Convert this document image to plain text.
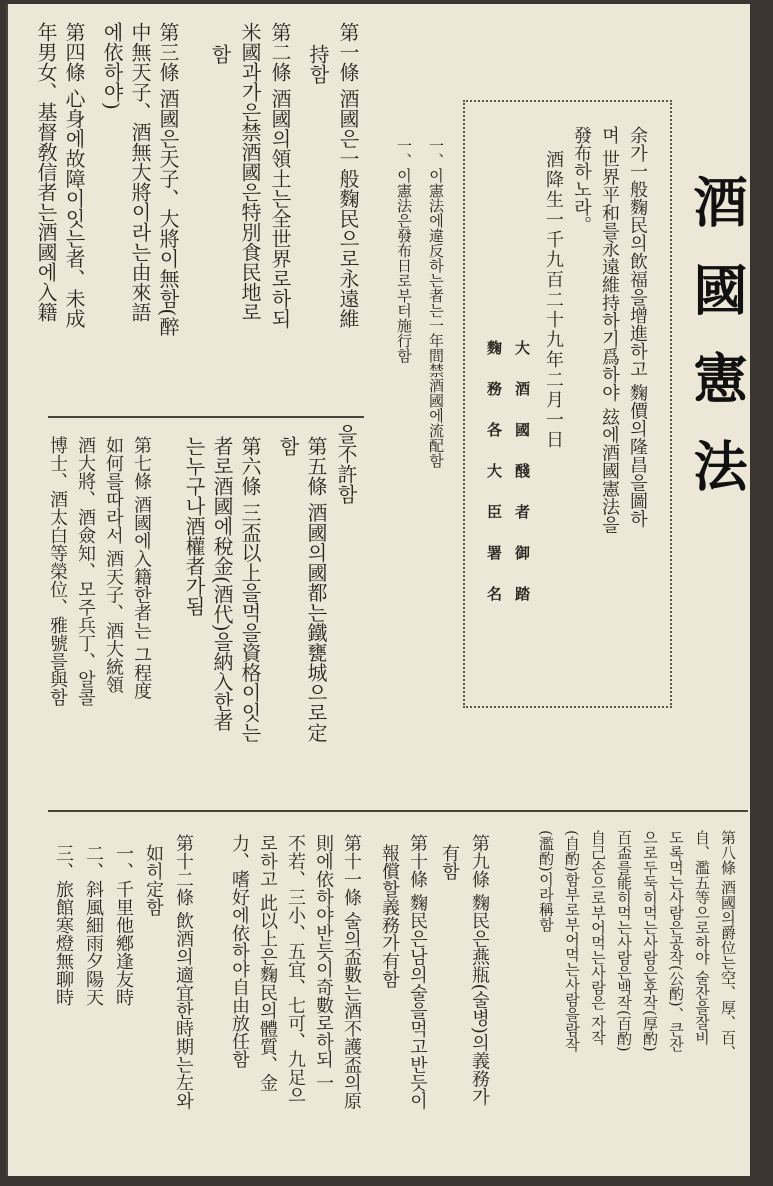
酒國憲法
余가一般麴民의飲福을增進하고 麴價의隆昌을圖하
며 世界平和를永遠維持하기爲하야 玆에酒國憲法을
發布하노라。
酒降生一千九百二十九年二月一日
大酒國醆者御踏
麴務各大臣署名
一、이憲法에違反하는者는一年間禁酒國에流配함
一、이憲法은發布日로부터施行함
第一條 酒國은一般麴民으로永遠維
持함
第二條 酒國의領土는全世界로하되
米國과가은禁酒國은特別食民地로
함
第三條 酒國은天子、大將이無함(醉
中無天子、酒無大將이라는由來語
에依하야)
第四條 心身에故障이잇는者、未成
年男女、基督敎信者는酒國에入籍
을不許함
第五條 酒國의國都는鐵甕城으로定
함
第六條 三盃以上을먹을資格이잇는
者로酒國에稅金(酒代)을納入한者
는누구나酒權者가됨
第七條 酒國에入籍한者는 그程度
如何를따라서 酒天子、酒大統領
酒大將、酒僉知、모주兵丁、알콜
博士、酒太白等榮位、雅號를與함
第八條 酒國의爵位는空、厚、百、
自、濫五等으로하야 술잔을잘비
도록먹는사람은공작(公酌)、큰잔
으로두둑히먹는사람은후작(厚酌)
百盃를能히먹는사람은백작(百酌)
自己손으로부어먹는사람은 자작
(自酌)함부로부어먹는사람을람작
(濫酌)이라稱함
第九條 麴民은燕瓶(술병)의義務가
有함
第十條 麴民은남의술을먹고반듯이
報償할義務가有함
第十一條 술의盃數는酒不護盃의原
則에依하야반듯이奇數로하되 一
不若、三小、五宜、七可、九足으
로하고 此以上은麴民의體質、金
力、嗜好에依하야自由放任함
第十二條 飲酒의適宜한時期는左와
如히定함
一、千里他鄕逢友時
二、斜風細雨夕陽天
三、旅館寒燈無聊時
